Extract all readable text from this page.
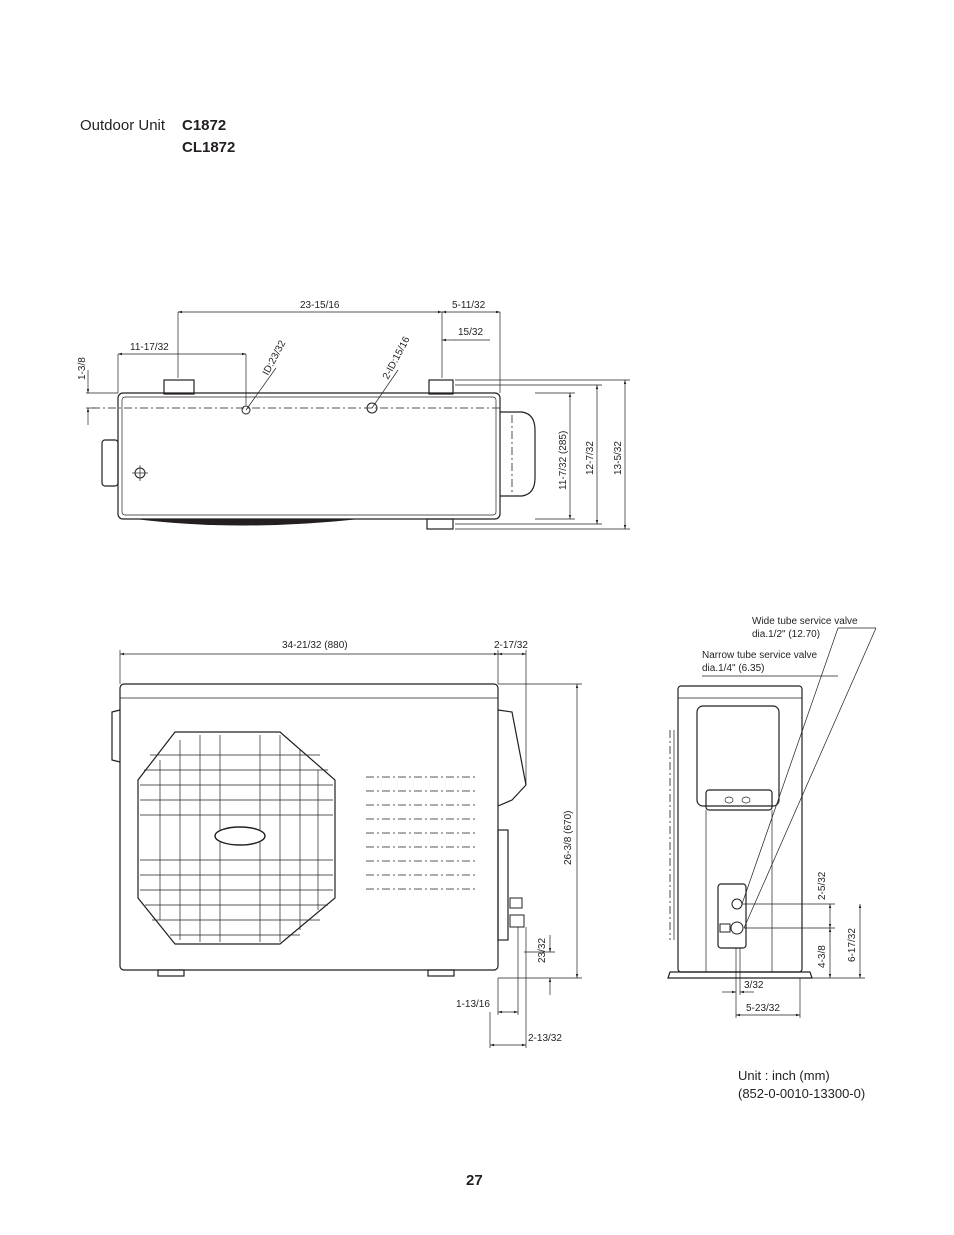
Outdoor Unit C1872
CL1872
23-15/16	5-11/32
15/32
11-17/32
1-3/8	ID:23/32	2-ID:15/16
11-7/32 (285) 12-7/32 13-5/32
34-21/32 (880)	2-17/32
26-3/8 (670)
23/32
1-13/16
2-13/32
Wide tube service valve
dia.1/2" (12.70)
Narrow tube service valve
dia.1/4" (6.35)
2-5/32
4-3/8 6-17/32
3/32
5-23/32
Unit : inch (mm)
(852-0-0010-13300-0)
27
